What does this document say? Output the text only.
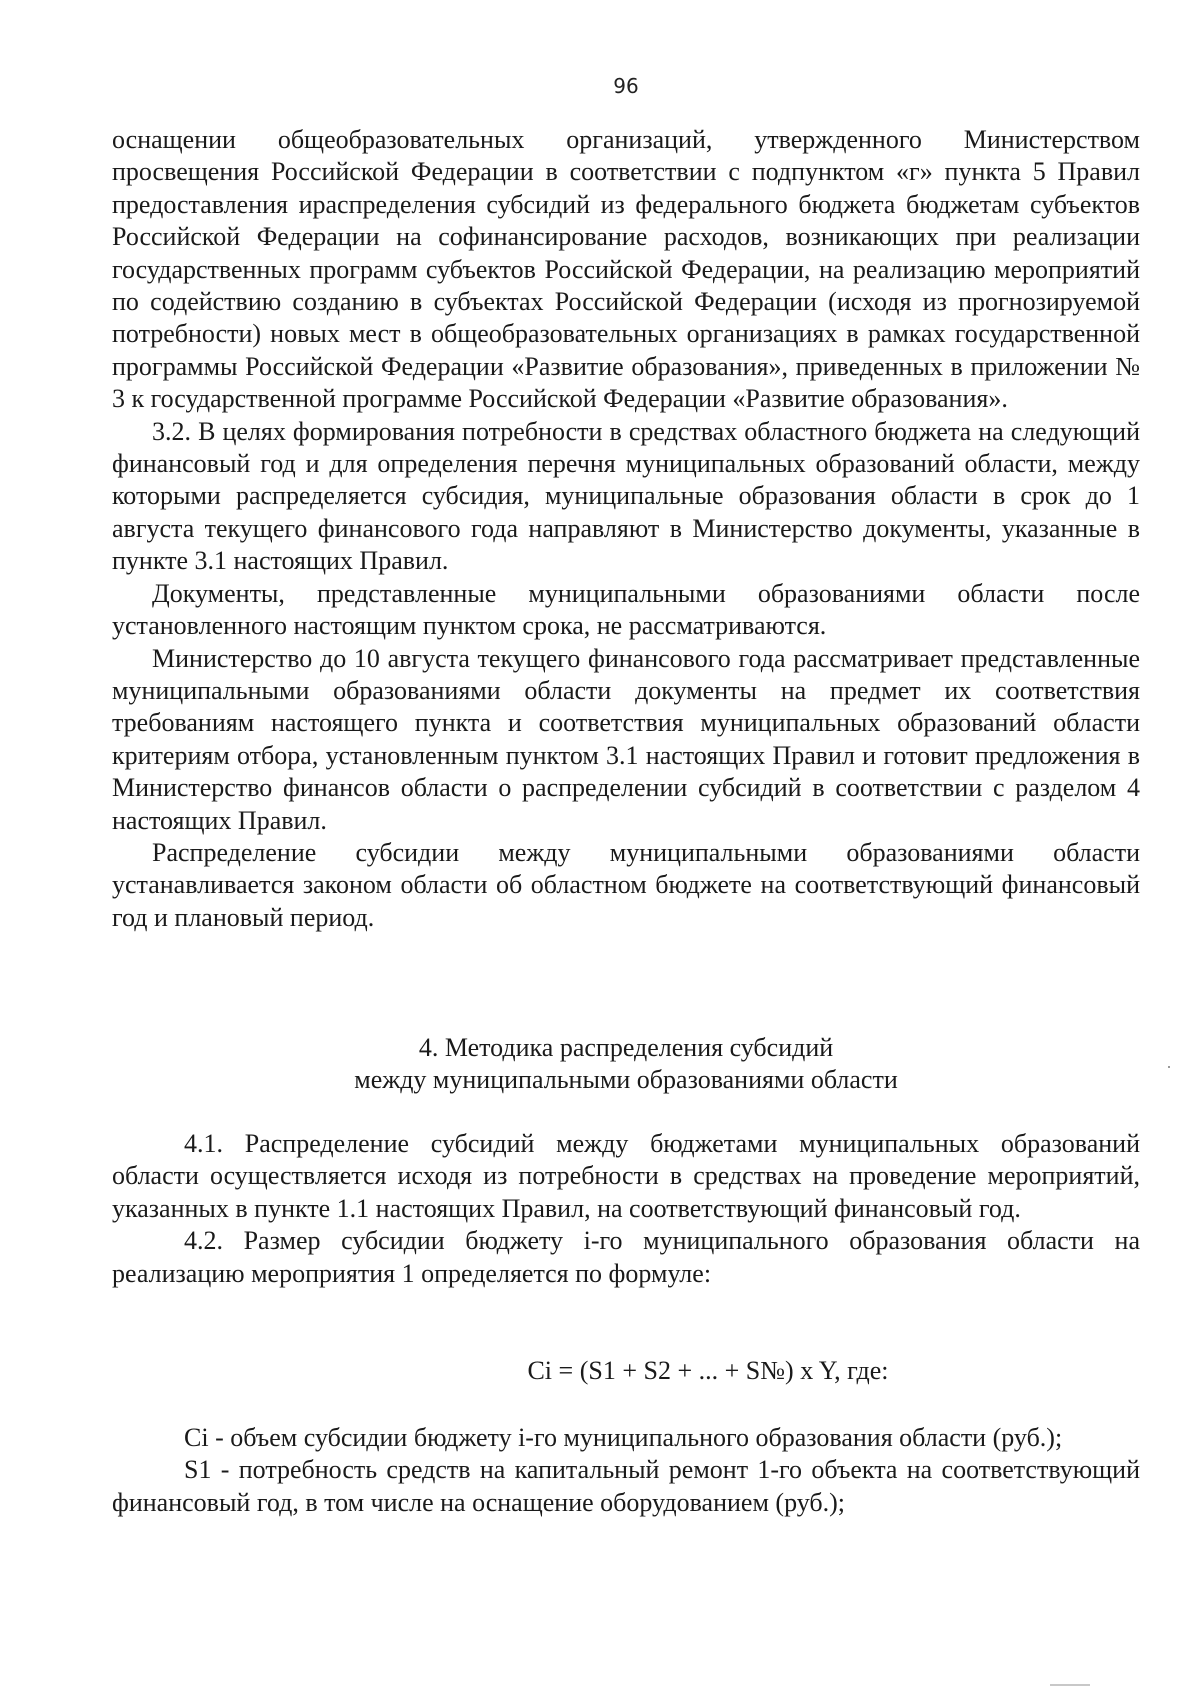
96

оснащении общеобразовательных организаций, утвержденного Министерством просвещения Российской Федерации в соответствии с подпунктом «г» пункта 5 Правил предоставления ираспределения субсидий из федерального бюджета бюджетам субъектов Российской Федерации на софинансирование расходов, возникающих при реализации государственных программ субъектов Российской Федерации, на реализацию мероприятий по содействию созданию в субъектах Российской Федерации (исходя из прогнозируемой потребности) новых мест в общеобразовательных организациях в рамках государственной программы Российской Федерации «Развитие образования», приведенных в приложении № 3 к государственной программе Российской Федерации «Развитие образования».

3.2. В целях формирования потребности в средствах областного бюджета на следующий финансовый год и для определения перечня муниципальных образований области, между которыми распределяется субсидия, муниципальные образования области в срок до 1 августа текущего финансового года направляют в Министерство документы, указанные в пункте 3.1 настоящих Правил.

Документы, представленные муниципальными образованиями области после установленного настоящим пунктом срока, не рассматриваются.

Министерство до 10 августа текущего финансового года рассматривает представленные муниципальными образованиями области документы на предмет их соответствия требованиям настоящего пункта и соответствия муниципальных образований области критериям отбора, установленным пунктом 3.1 настоящих Правил и готовит предложения в Министерство финансов области о распределении субсидий в соответствии с разделом 4 настоящих Правил.

Распределение субсидии между муниципальными образованиями области устанавливается законом области об областном бюджете на соответствующий финансовый год и плановый период.

4. Методика распределения субсидий
между муниципальными образованиями области

4.1. Распределение субсидий между бюджетами муниципальных образований области осуществляется исходя из потребности в средствах на проведение мероприятий, указанных в пункте 1.1 настоящих Правил, на соответствующий финансовый год.

4.2. Размер субсидии бюджету i-го муниципального образования области на реализацию мероприятия 1 определяется по формуле:

Ci = (S1 + S2 + ... + S№) x Y, где:

Ci - объем субсидии бюджету i-го муниципального образования области (руб.);

S1 - потребность средств на капитальный ремонт 1-го объекта на соответствующий финансовый год, в том числе на оснащение оборудованием (руб.);
